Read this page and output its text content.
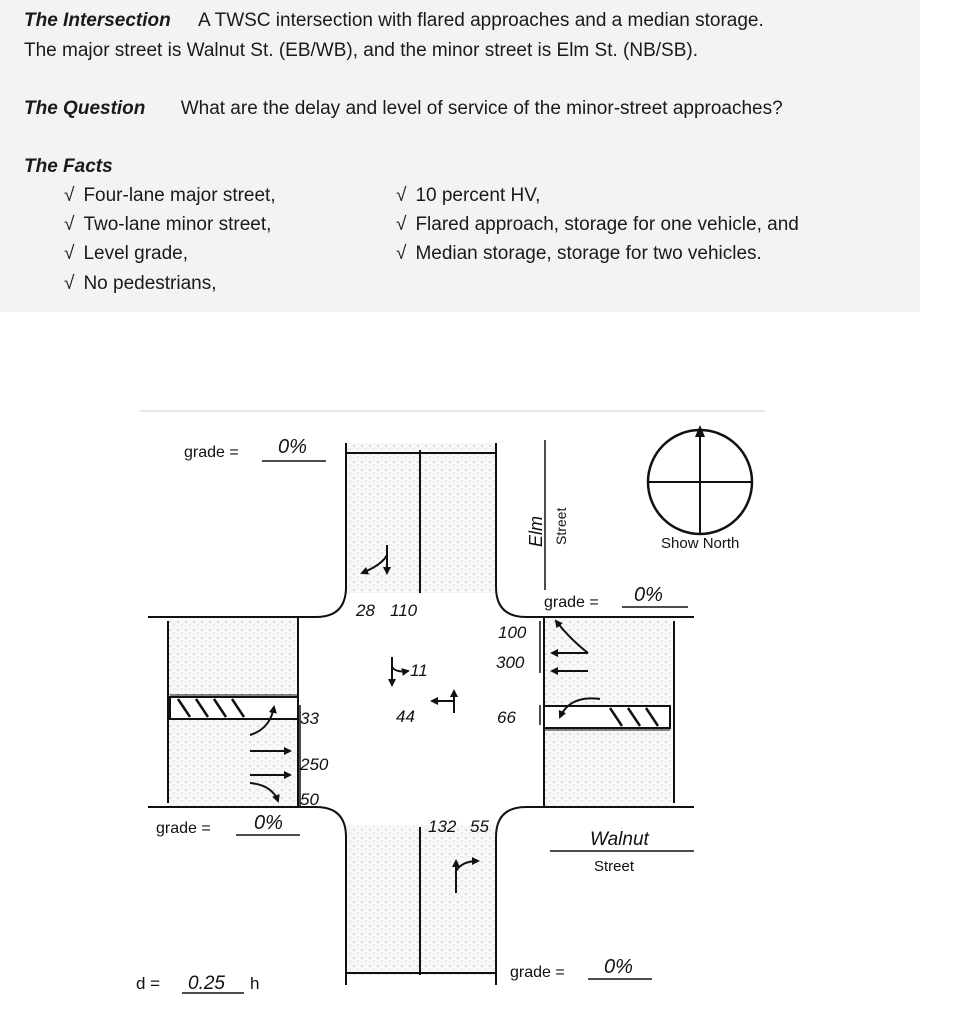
The Intersection A TWSC intersection with flared approaches and a median storage.
The major street is Walnut St. (EB/WB), and the minor street is Elm St. (NB/SB).
The Question What are the delay and level of service of the minor-street approaches?
The Facts
√ Four-lane major street,
√ Two-lane minor street,
√ Level grade,
√ No pedestrians,
√ 10 percent HV,
√ Flared approach, storage for one vehicle, and
√ Median storage, storage for two vehicles.
28 110
11
100
300
66
33
250
50
44
132 55
grade = 0%
grade = 0%
grade = 0%
grade = 0%
Elm Street
Walnut
Street
Show North
d = 0.25 h
